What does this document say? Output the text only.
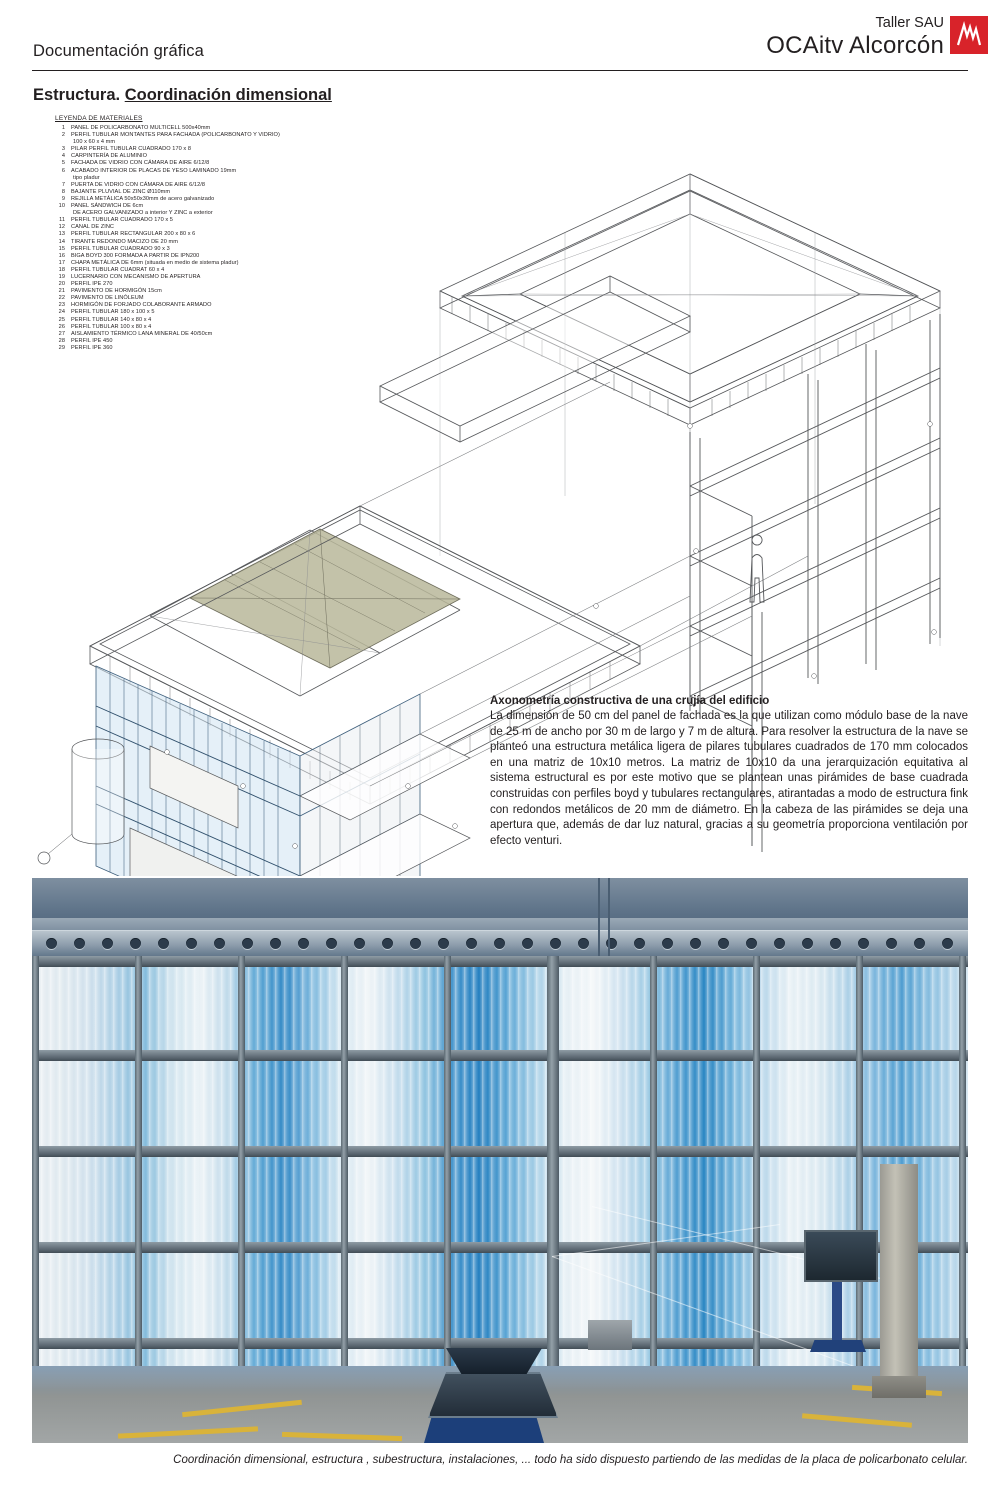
Documentación gráfica
Taller SAU
OCAitv Alcorcón
Estructura. Coordinación dimensional
LEYENDA DE MATERIALES
1	PANEL DE POLICARBONATO MULTICELL 500x40mm
2	PERFIL TUBULAR MONTANTES PARA FACHADA (POLICARBONATO Y VIDRIO)
100 x 60 x 4 mm
3	PILAR PERFIL TUBULAR CUADRADO 170 x 8
4	CARPINTERÍA DE ALUMINIO
5	FACHADA DE VIDRIO CON CÁMARA DE AIRE 6/12/8
6	ACABADO INTERIOR DE PLACAS DE YESO LAMINADO 19mm
tipo pladur
7	PUERTA DE VIDRIO CON CÁMARA DE AIRE 6/12/8
8	BAJANTE PLUVIAL DE ZINC Ø110mm
9	REJILLA METÁLICA 50x50x30mm de acero galvanizado
10	PANEL SÁNDWICH DE 6cm
DE ACERO GALVANIZADO a interior Y ZINC a exterior
11	PERFIL TUBULAR CUADRADO 170 x 5
12	CANAL DE ZINC
13	PERFIL TUBULAR RECTANGULAR 200 x 80 x 6
14	TIRANTE REDONDO MACIZO DE 20 mm
15	PERFIL TUBULAR CUADRADO 90 x 3
16	BIGA BOYD 300 FORMADA A PARTIR DE IPN200
17	CHAPA METÁLICA DE 6mm (situada en medio de sistema pladur)
18	PERFIL TUBULAR CUADRAT 60 x 4
19	LUCERNARIO CON MECANISMO DE APERTURA
20	PERFIL IPE 270
21	PAVIMENTO DE HORMIGÓN 15cm
22	PAVIMENTO DE LINÓLEUM
23	HORMIGÓN DE FORJADO COLABORANTE ARMADO
24	PERFIL TUBULAR 180 x 100 x 5
25	PERFIL TUBULAR 140 x 80 x 4
26	PERFIL TUBULAR 100 x 80 x 4
27	AISLAMIENTO TÉRMICO LANA MINERAL DE 40/50cm
28	PERFIL IPE 450
29	PERFIL IPE 360
Axonometría constructiva de una crujía del edificio
La dimensión de 50 cm del panel de fachada es la que utilizan como módulo base de la nave de 25 m de ancho por 30 m de largo y 7 m de altura. Para resolver la estructura de la nave se planteó una estructura metálica ligera de pilares tubulares cuadrados de 170 mm colocados en una matriz de 10x10 metros. La matriz de 10x10 da una jerarquización equitativa al sistema estructural es por este motivo que se plantean unas pirámides de base cuadrada construidas con perfiles boyd y tubulares rectangulares, atirantadas a modo de estructura fink con redondos metálicos de 20 mm de diámetro. En la cabeza de las pirámides se deja una apertura que, además de dar luz natural, gracias a su geometría proporciona ventilación por efecto venturi.
Coordinación dimensional, estructura , subestructura, instalaciones, ... todo ha sido dispuesto partiendo de las medidas de la placa de policarbonato celular.
